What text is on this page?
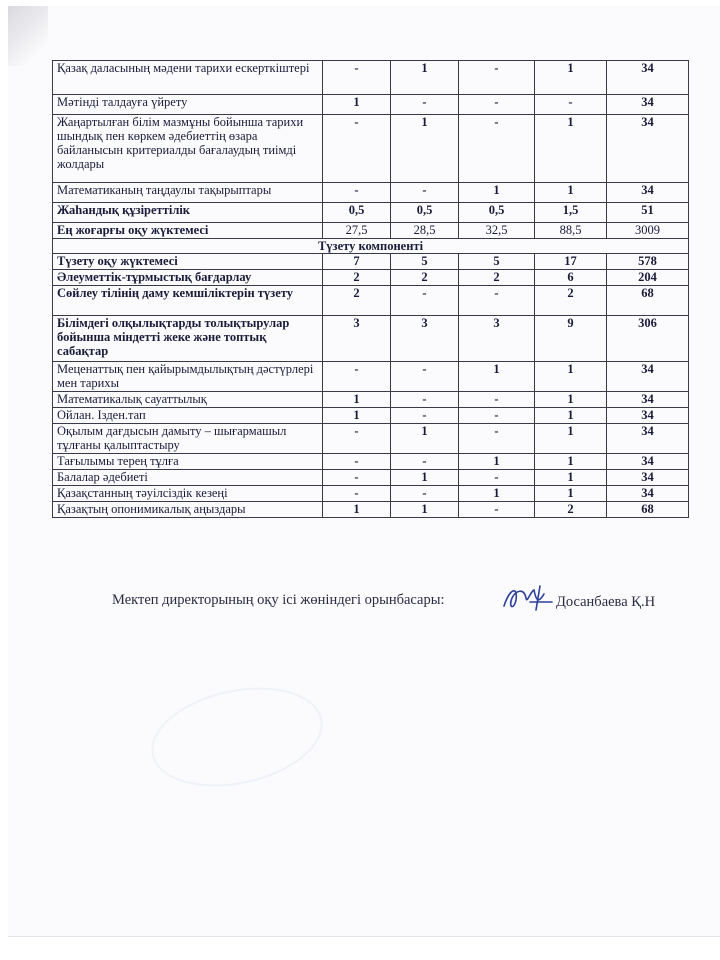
Қазақ даласының мәдени тарихи ескерткіштері	-	1	-	1	34
Мәтінді талдауға үйрету	1	-	-	-	34
Жаңартылған білім мазмұны бойынша тарихи шындық пен көркем әдебиеттің өзара байланысын критериалды бағалаудың тиімді жолдары	-	1	-	1	34
Математиканың таңдаулы тақырыптары	-	-	1	1	34
Жаһандық құзіреттілік	0,5	0,5	0,5	1,5	51
Ең жоғарғы оқу жүктемесі	27,5	28,5	32,5	88,5	3009
Түзету компоненті					
Түзету оқу жүктемесі	7	5	5	17	578
Әлеуметтік-тұрмыстық бағдарлау	2	2	2	6	204
Сөйлеу тілінің даму кемшіліктерін түзету	2	-	-	2	68
Білімдегі олқылықтарды толықтырулар бойынша міндетті жеке және топтық сабақтар	3	3	3	9	306
Меценаттық пен қайырымдылықтың дәстүрлері мен тарихы	-	-	1	1	34
Математикалық сауаттылық	1	-	-	1	34
Ойлан. Ізден.тап	1	-	-	1	34
Оқылым дағдысын дамыту – шығармашыл тұлғаны қалыптастыру	-	1	-	1	34
Тағылымы терең тұлға	-	-	1	1	34
Балалар әдебиеті	-	1	-	1	34
Қазақстанның тәуілсіздік кезеңі	-	-	1	1	34
Қазақтың опонимикалық аңыздары	1	1	-	2	68
Мектеп директорының оқу ісі жөніндегі орынбасары:	Досанбаева Қ.Н
